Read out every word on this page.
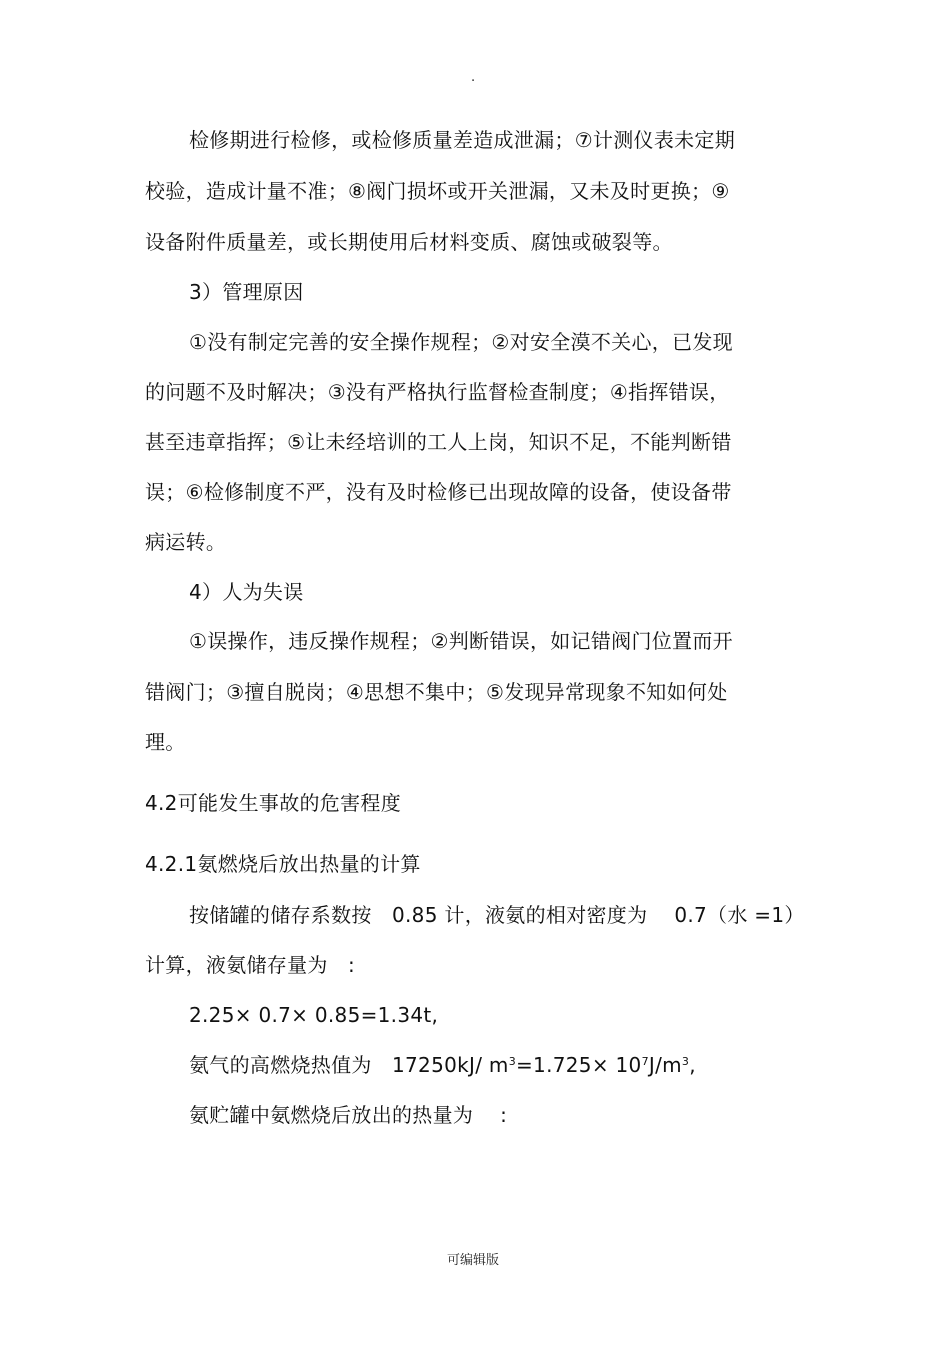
.
检修期进行检修，或检修质量差造成泄漏；⑦计测仪表未定期
校验，造成计量不准；⑧阀门损坏或开关泄漏，又未及时更换；⑨
设备附件质量差，或长期使用后材料变质、腐蚀或破裂等。
3）管理原因
①没有制定完善的安全操作规程；②对安全漠不关心，已发现
的问题不及时解决；③没有严格执行监督检查制度；④指挥错误，
甚至违章指挥；⑤让未经培训的工人上岗，知识不足，不能判断错
误；⑥检修制度不严，没有及时检修已出现故障的设备，使设备带
病运转。
4）人为失误
①误操作，违反操作规程；②判断错误，如记错阀门位置而开
错阀门；③擅自脱岗；④思想不集中；⑤发现异常现象不知如何处
理。
4.2可能发生事故的危害程度
4.2.1氨燃烧后放出热量的计算
按储罐的储存系数按　0.85 计，液氨的相对密度为　 0.7（水 =1）
计算，液氨储存量为　:
2.25× 0.7× 0.85=1.34t,
氨气的高燃烧热值为　17250kJ/ $m^3=1.725\times 10^7J/m^3$,
氨贮罐中氨燃烧后放出的热量为　 :
可编辑版
